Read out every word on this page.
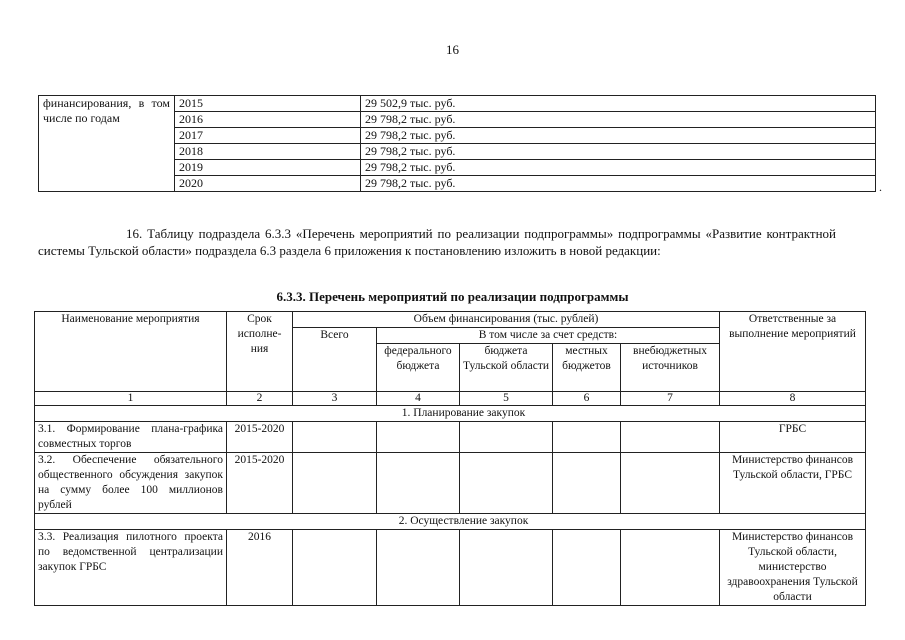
16
финансирования, в том числе по годам	2015	29 502,9 тыс. руб.
	2016	29 798,2 тыс. руб.
	2017	29 798,2 тыс. руб.
	2018	29 798,2 тыс. руб.
	2019	29 798,2 тыс. руб.
	2020	29 798,2 тыс. руб.	.
16. Таблицу подраздела 6.3.3 «Перечень мероприятий по реализации подпрограммы» подпрограммы «Развитие контрактной системы Тульской области» подраздела 6.3 раздела 6 приложения к постановлению изложить в новой редакции:
6.3.3. Перечень мероприятий по реализации подпрограммы
Наименование мероприятия	Срок исполне-ния	Объем финансирования (тыс. рублей)					Ответственные за выполнение мероприятий
		Всего	В том числе за счет средств:				
			федерального бюджета	бюджета Тульской области	местных бюджетов	внебюджетных источников	
1	2	3	4	5	6	7	8
1. Планирование закупок							
3.1. Формирование плана-графика совместных торгов	2015-2020						ГРБС
3.2. Обеспечение обязательного общественного обсуждения закупок на сумму более 100 миллионов рублей	2015-2020						Министерство финансов Тульской области, ГРБС
2. Осуществление закупок							
3.3. Реализация пилотного проекта по ведомственной централизации закупок ГРБС	2016						Министерство финансов Тульской области, министерство здравоохранения Тульской области
